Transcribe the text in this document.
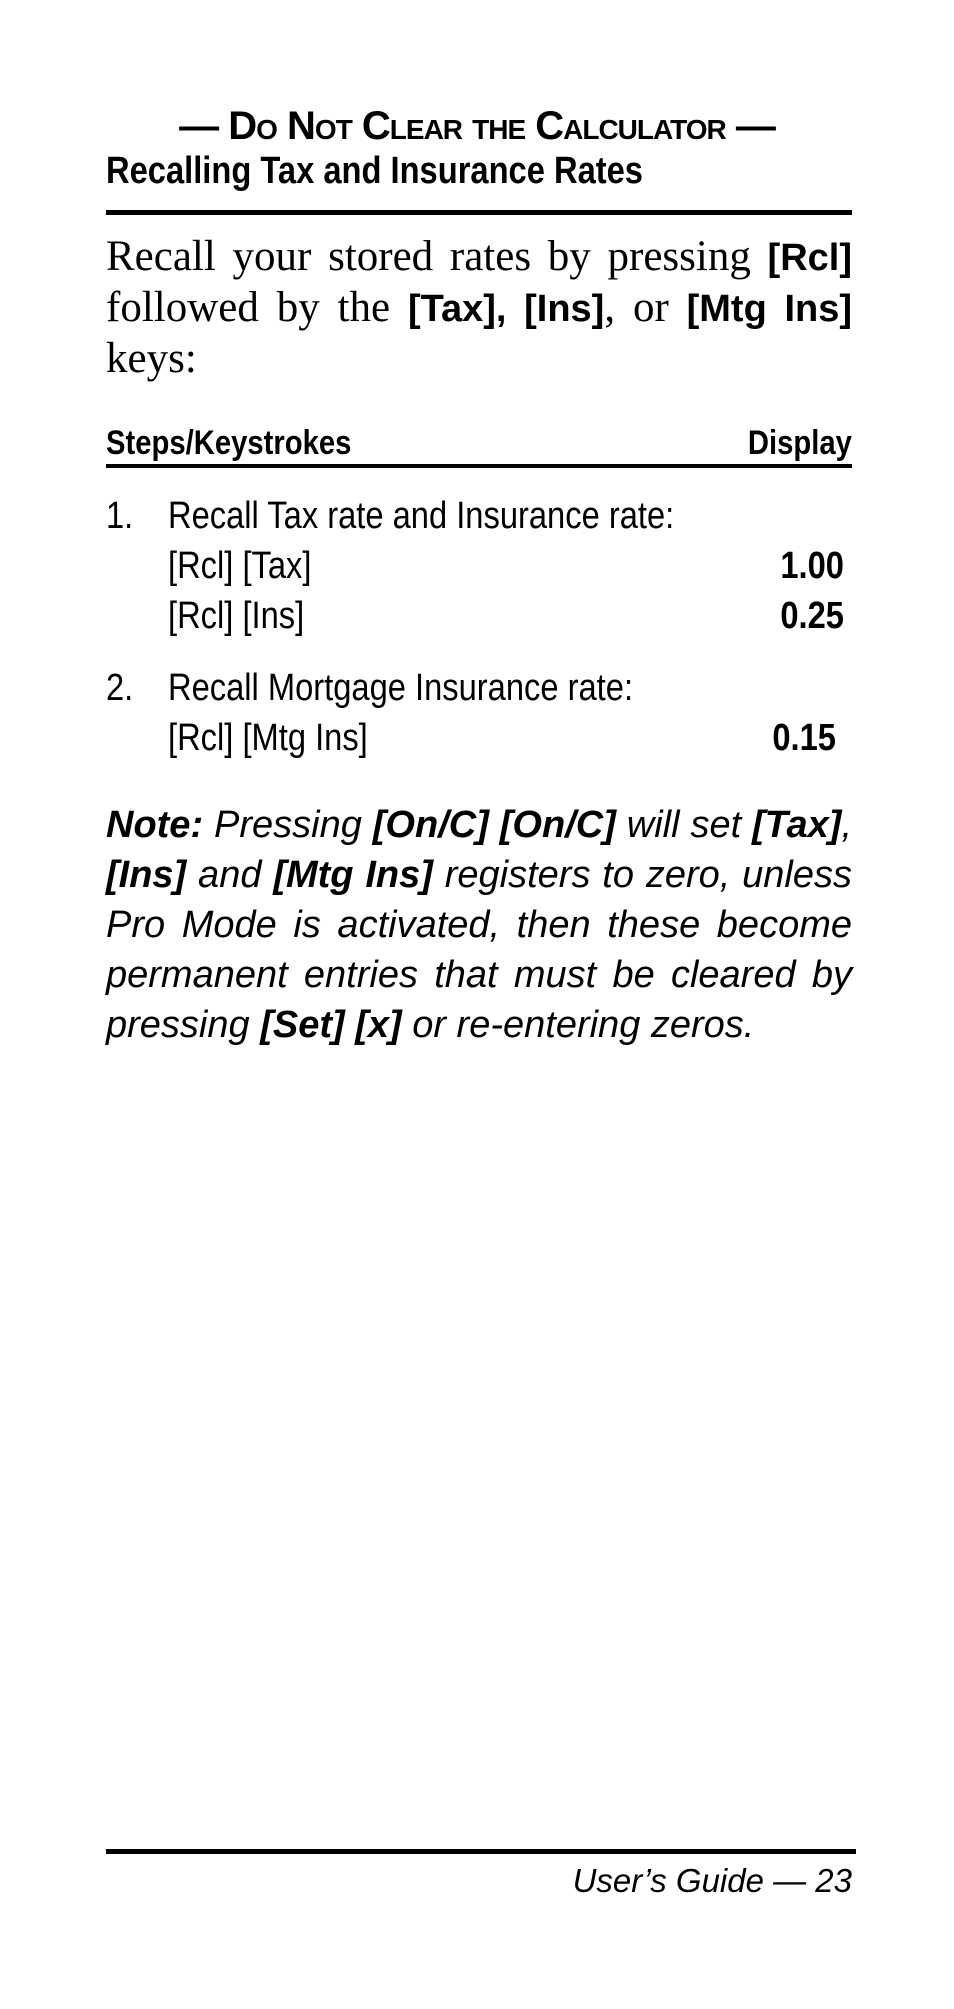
— Do Not Clear the Calculator —
Recalling Tax and Insurance Rates
Recall your stored rates by pressing [Rcl] followed by the [Tax], [Ins], or [Mtg Ins] keys:
Steps/Keystrokes	Display
1. Recall Tax rate and Insurance rate:
[Rcl] [Tax]	1.00
[Rcl] [Ins]	0.25
2. Recall Mortgage Insurance rate:
[Rcl] [Mtg Ins]	0.15
Note: Pressing [On/C] [On/C] will set [Tax], [Ins] and [Mtg Ins] registers to zero, unless Pro Mode is activated, then these become permanent entries that must be cleared by pressing [Set] [x] or re-entering zeros.
User’s Guide — 23
